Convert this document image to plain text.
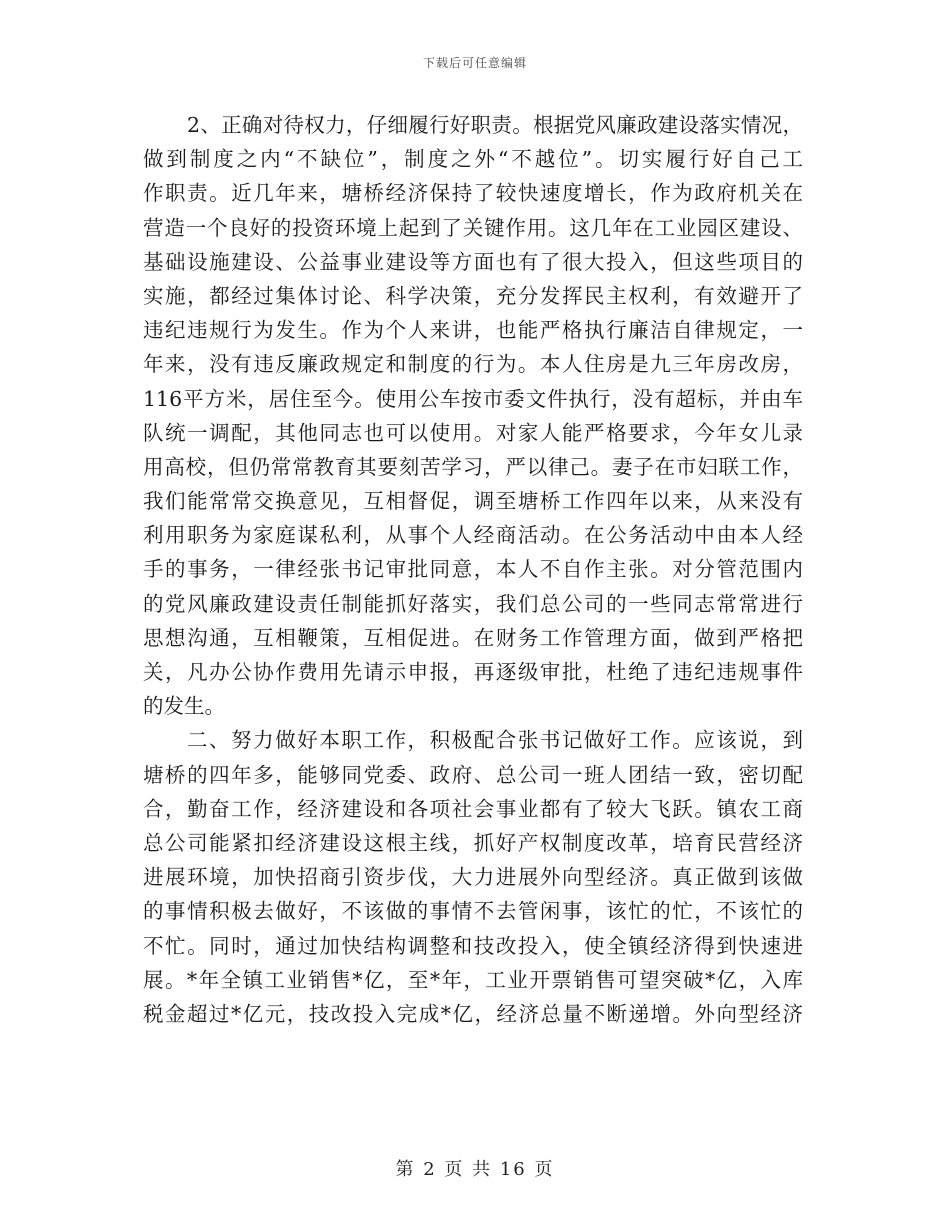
下载后可任意编辑
2、正确对待权力，仔细履行好职责。根据党风廉政建设落实情况，
做到制度之内“不缺位”，制度之外“不越位”。切实履行好自己工
作职责。近几年来，塘桥经济保持了较快速度增长，作为政府机关在
营造一个良好的投资环境上起到了关键作用。这几年在工业园区建设、
基础设施建设、公益事业建设等方面也有了很大投入，但这些项目的
实施，都经过集体讨论、科学决策，充分发挥民主权利，有效避开了
违纪违规行为发生。作为个人来讲，也能严格执行廉洁自律规定，一
年来，没有违反廉政规定和制度的行为。本人住房是九三年房改房，
116平方米，居住至今。使用公车按市委文件执行，没有超标，并由车
队统一调配，其他同志也可以使用。对家人能严格要求，今年女儿录
用高校，但仍常常教育其要刻苦学习，严以律己。妻子在市妇联工作，
我们能常常交换意见，互相督促，调至塘桥工作四年以来，从来没有
利用职务为家庭谋私利，从事个人经商活动。在公务活动中由本人经
手的事务，一律经张书记审批同意，本人不自作主张。对分管范围内
的党风廉政建设责任制能抓好落实，我们总公司的一些同志常常进行
思想沟通，互相鞭策，互相促进。在财务工作管理方面，做到严格把
关，凡办公协作费用先请示申报，再逐级审批，杜绝了违纪违规事件
的发生。
二、努力做好本职工作，积极配合张书记做好工作。应该说，到
塘桥的四年多，能够同党委、政府、总公司一班人团结一致，密切配
合，勤奋工作，经济建设和各项社会事业都有了较大飞跃。镇农工商
总公司能紧扣经济建设这根主线，抓好产权制度改革，培育民营经济
进展环境，加快招商引资步伐，大力进展外向型经济。真正做到该做
的事情积极去做好，不该做的事情不去管闲事，该忙的忙，不该忙的
不忙。同时，通过加快结构调整和技改投入，使全镇经济得到快速进
展。*年全镇工业销售*亿，至*年，工业开票销售可望突破*亿，入库
税金超过*亿元，技改投入完成*亿，经济总量不断递增。外向型经济
第 2 页 共 16 页
